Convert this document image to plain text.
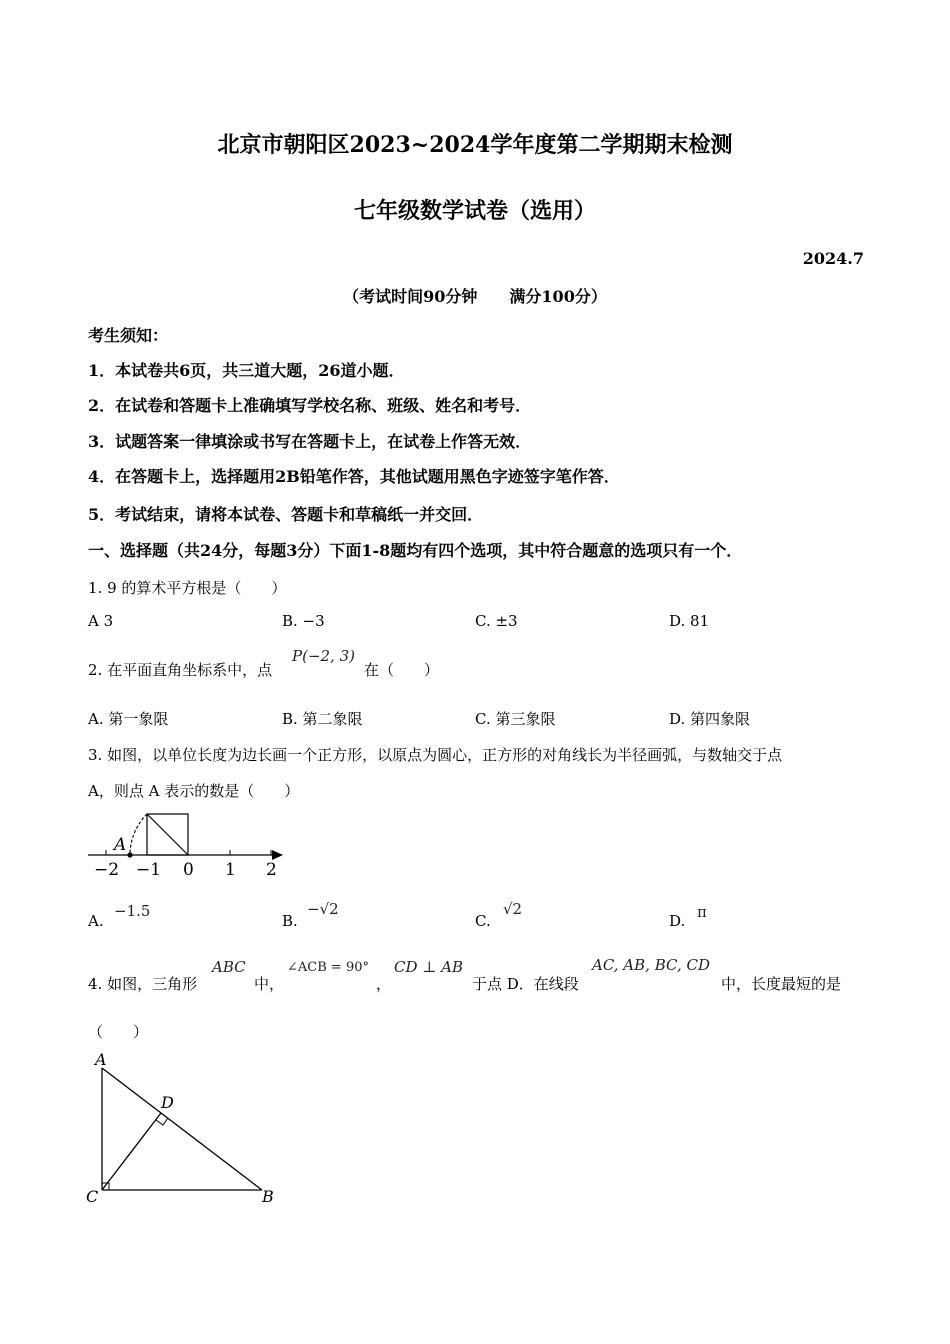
北京市朝阳区2023~2024学年度第二学期期末检测
七年级数学试卷（选用）
2024.7
（考试时间90分钟　　满分100分）
考生须知：
1．本试卷共6页，共三道大题，26道小题．
2．在试卷和答题卡上准确填写学校名称、班级、姓名和考号．
3．试题答案一律填涂或书写在答题卡上，在试卷上作答无效．
4．在答题卡上，选择题用2B铅笔作答，其他试题用黑色字迹签字笔作答．
5．考试结束，请将本试卷、答题卡和草稿纸一并交回．
一、选择题（共24分，每题3分）下面1-8题均有四个选项，其中符合题意的选项只有一个．
1. 9 的算术平方根是（　　）
A 3	B. −3	C. ±3	D. 81
2. 在平面直角坐标系中，点
P(−2, 3)
在（　　）
A. 第一象限	B. 第二象限	C. 第三象限	D. 第四象限
3. 如图，以单位长度为边长画一个正方形，以原点为圆心，正方形的对角线长为半径画弧，与数轴交于点
A，则点 A 表示的数是（　　）
A
−2 −1 0 1 2
A
D
C	B
A.
−1.5
B.
−√2
C.
√2
D. π
4. 如图，三角形
ABC
中，
∠ACB = 90°
，
CD ⊥ AB
于点 D．在线段
AC, AB, BC, CD
中，长度最短的是
（　　）
